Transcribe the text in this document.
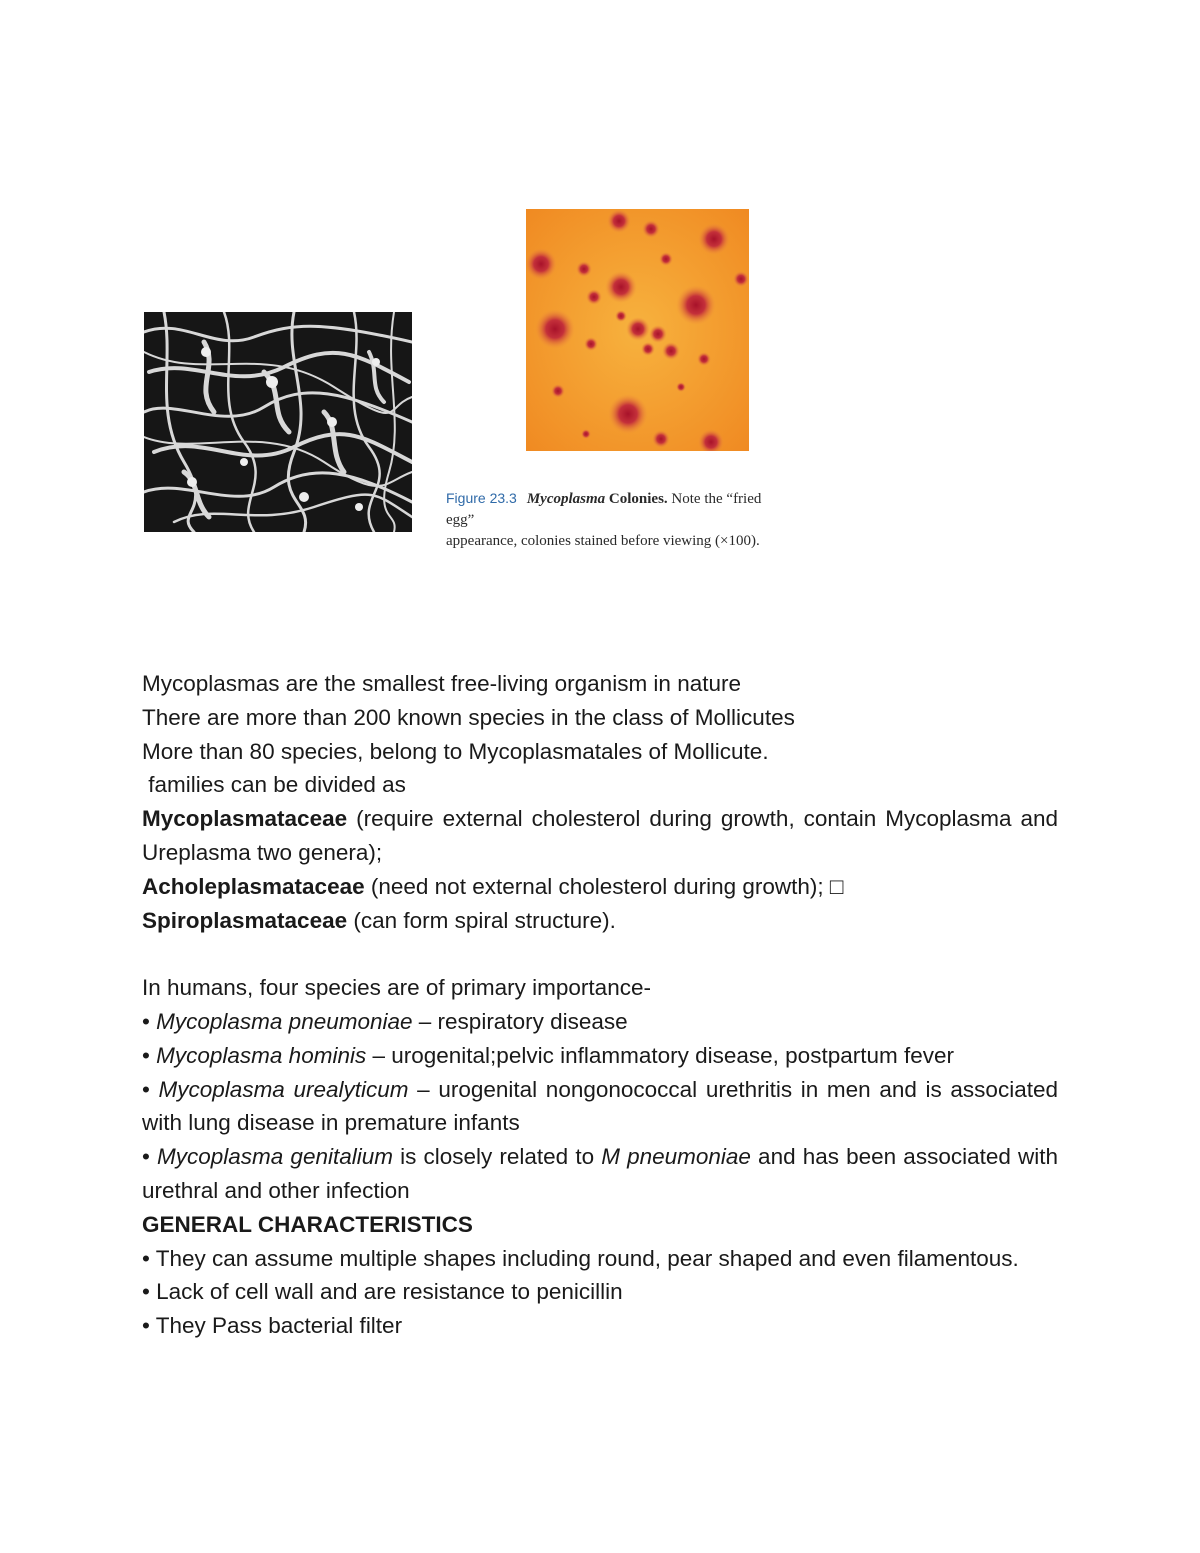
Figure 23.3 Mycoplasma Colonies. Note the “fried egg”
appearance, colonies stained before viewing (×100).

Mycoplasmas are the smallest free-living organism in nature

There are more than 200 known species in the class of Mollicutes

More than 80 species, belong to Mycoplasmatales of Mollicute.

families can be divided as

Mycoplasmataceae (require external cholesterol during growth, contain Mycoplasma and Ureplasma two genera);

Acholeplasmataceae (need not external cholesterol during growth); □

Spiroplasmataceae (can form spiral structure).

In humans, four species are of primary importance-

• Mycoplasma pneumoniae – respiratory disease

• Mycoplasma hominis – urogenital;pelvic inflammatory disease, postpartum fever

• Mycoplasma urealyticum – urogenital nongonococcal urethritis in men and is associated with lung disease in premature infants

• Mycoplasma genitalium is closely related to M pneumoniae and has been associated with urethral and other infection

GENERAL CHARACTERISTICS

• They can assume multiple shapes including round, pear shaped and even filamentous.

• Lack of cell wall and are resistance to penicillin

• They Pass bacterial filter
